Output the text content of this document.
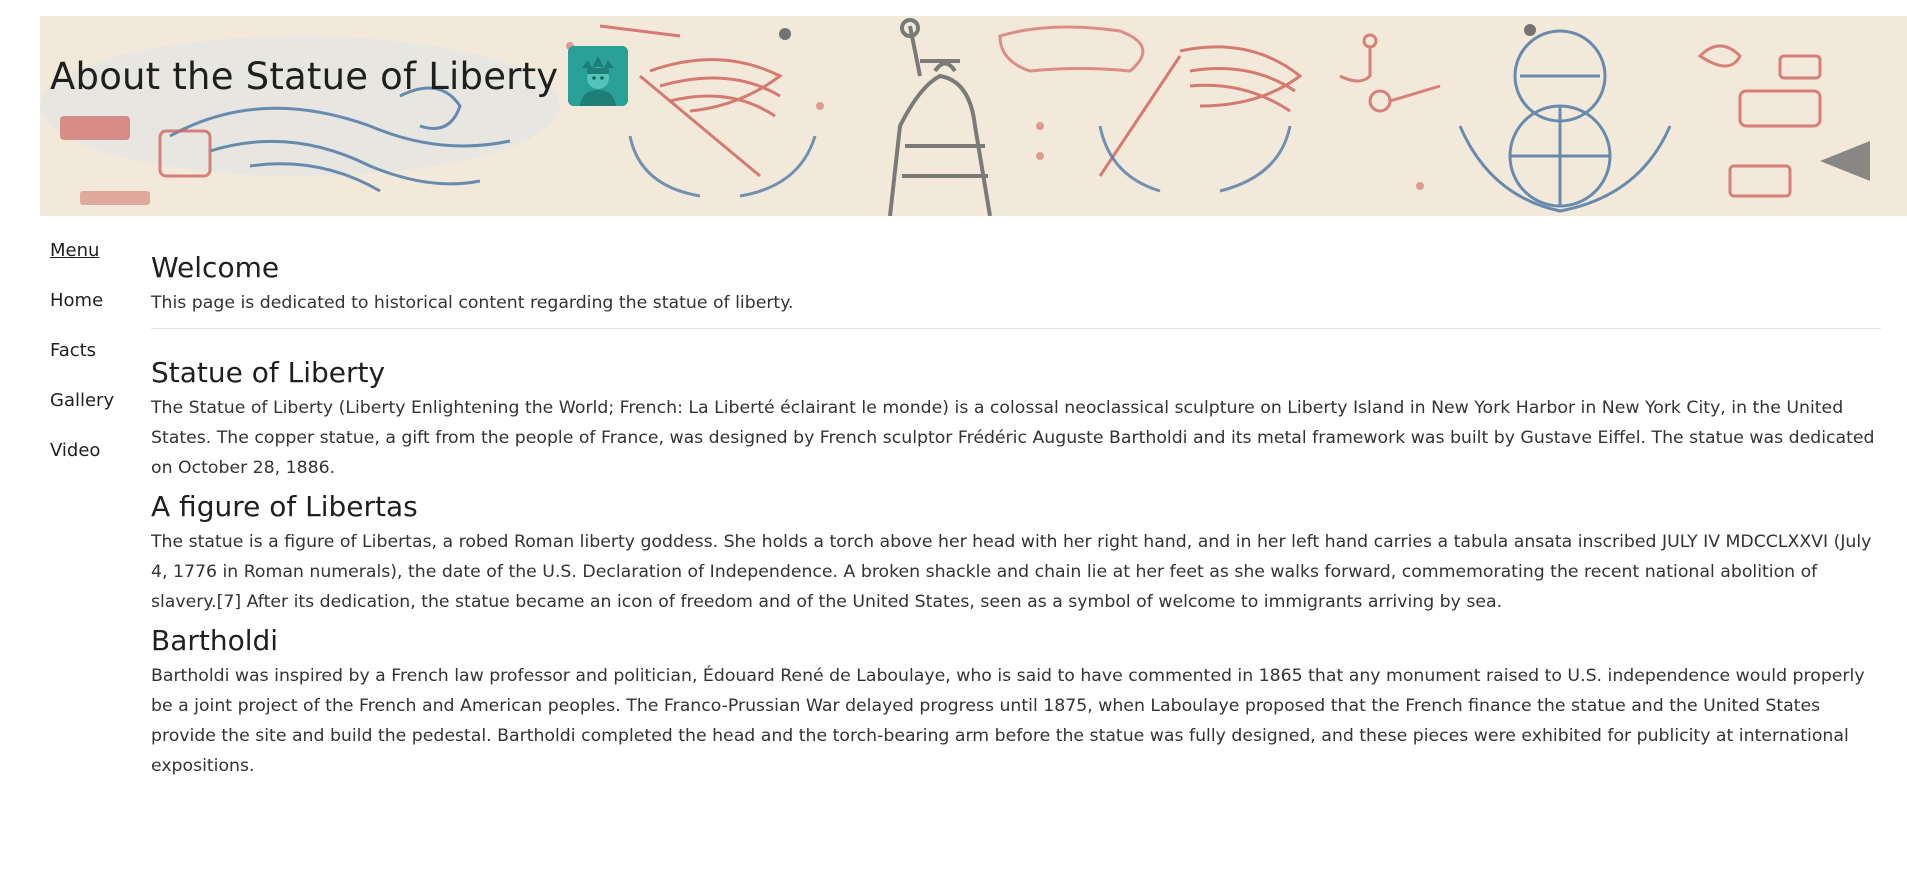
About the Statue of Liberty
Menu
Home
Facts
Gallery
Video
Welcome

This page is dedicated to historical content regarding the statue of liberty.

Statue of Liberty

The Statue of Liberty (Liberty Enlightening the World; French: La Liberté éclairant le monde) is a colossal neoclassical sculpture on Liberty Island in New York Harbor in New York City, in the United States. The copper statue, a gift from the people of France, was designed by French sculptor Frédéric Auguste Bartholdi and its metal framework was built by Gustave Eiffel. The statue was dedicated on October 28, 1886.

A figure of Libertas

The statue is a figure of Libertas, a robed Roman liberty goddess. She holds a torch above her head with her right hand, and in her left hand carries a tabula ansata inscribed JULY IV MDCCLXXVI (July 4, 1776 in Roman numerals), the date of the U.S. Declaration of Independence. A broken shackle and chain lie at her feet as she walks forward, commemorating the recent national abolition of slavery.[7] After its dedication, the statue became an icon of freedom and of the United States, seen as a symbol of welcome to immigrants arriving by sea.

Bartholdi

Bartholdi was inspired by a French law professor and politician, Édouard René de Laboulaye, who is said to have commented in 1865 that any monument raised to U.S. independence would properly be a joint project of the French and American peoples. The Franco-Prussian War delayed progress until 1875, when Laboulaye proposed that the French finance the statue and the United States provide the site and build the pedestal. Bartholdi completed the head and the torch-bearing arm before the statue was fully designed, and these pieces were exhibited for publicity at international expositions.
